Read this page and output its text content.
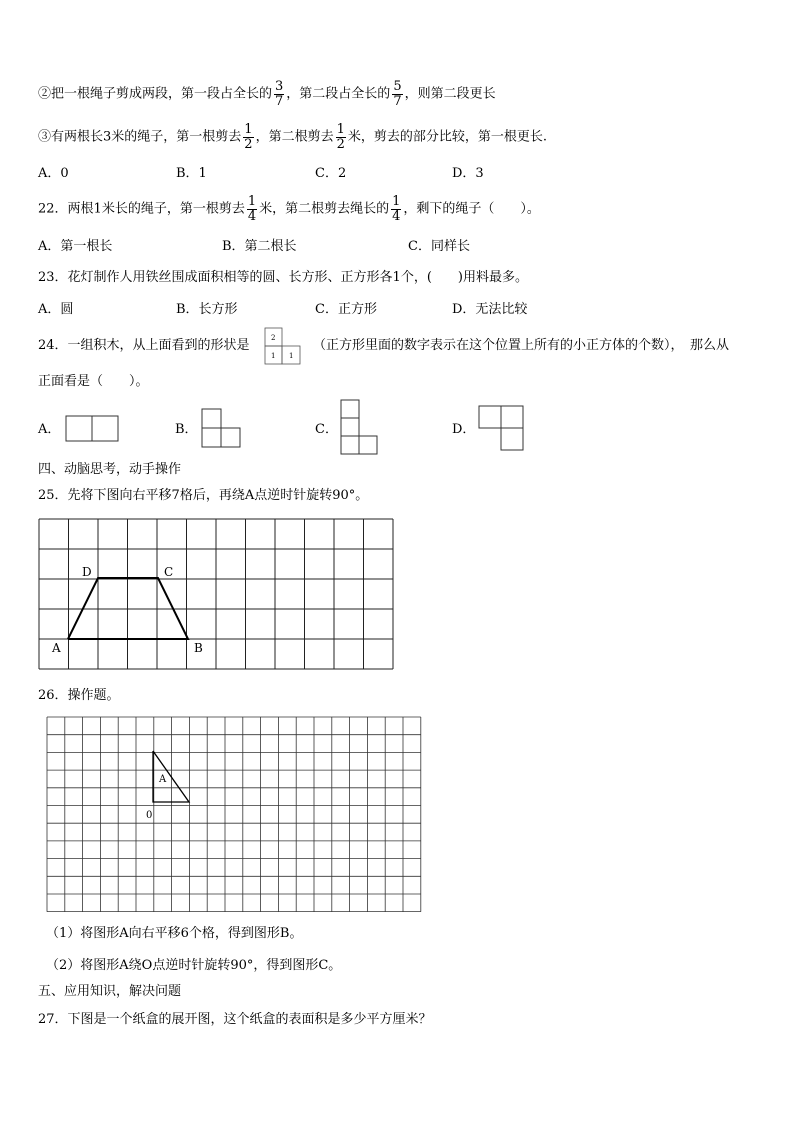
②把一根绳子剪成两段，第一段占全长的 $\frac{3}{7}$ ，第二段占全长的 $\frac{5}{7}$ ，则第二段更长
③有两根长3米的绳子，第一根剪去 $\frac{1}{2}$ ，第二根剪去 $\frac{1}{2}$ 米，剪去的部分比较，第一根更长.
A．0	B．1	C．2	D．3
22．两根1米长的绳子，第一根剪去 $\frac{1}{4}$ 米，第二根剪去绳长的 $\frac{1}{4}$ ，剩下的绳子（　　）。
A．第一根长	B．第二根长	C．同样长
23．花灯制作人用铁丝围成面积相等的圆、长方形、正方形各1个，(　　)用料最多。
A．圆	B．长方形	C．正方形	D．无法比较
24．一组积木，从上面看到的形状是	2
1 1
（正方形里面的数字表示在这个位置上所有的小正方体的个数），　那么从
正面看是（　　）。
A．	B．	C．	D．
四、动脑思考，动手操作
25．先将下图向右平移7格后，再绕A点逆时针旋转90°。
D	C
A	B
26．操作题。
A
0
（1）将图形A向右平移6个格，得到图形B。
（2）将图形A绕O点逆时针旋转90°，得到图形C。
五、应用知识，解决问题
27．下图是一个纸盒的展开图，这个纸盒的表面积是多少平方厘米？
